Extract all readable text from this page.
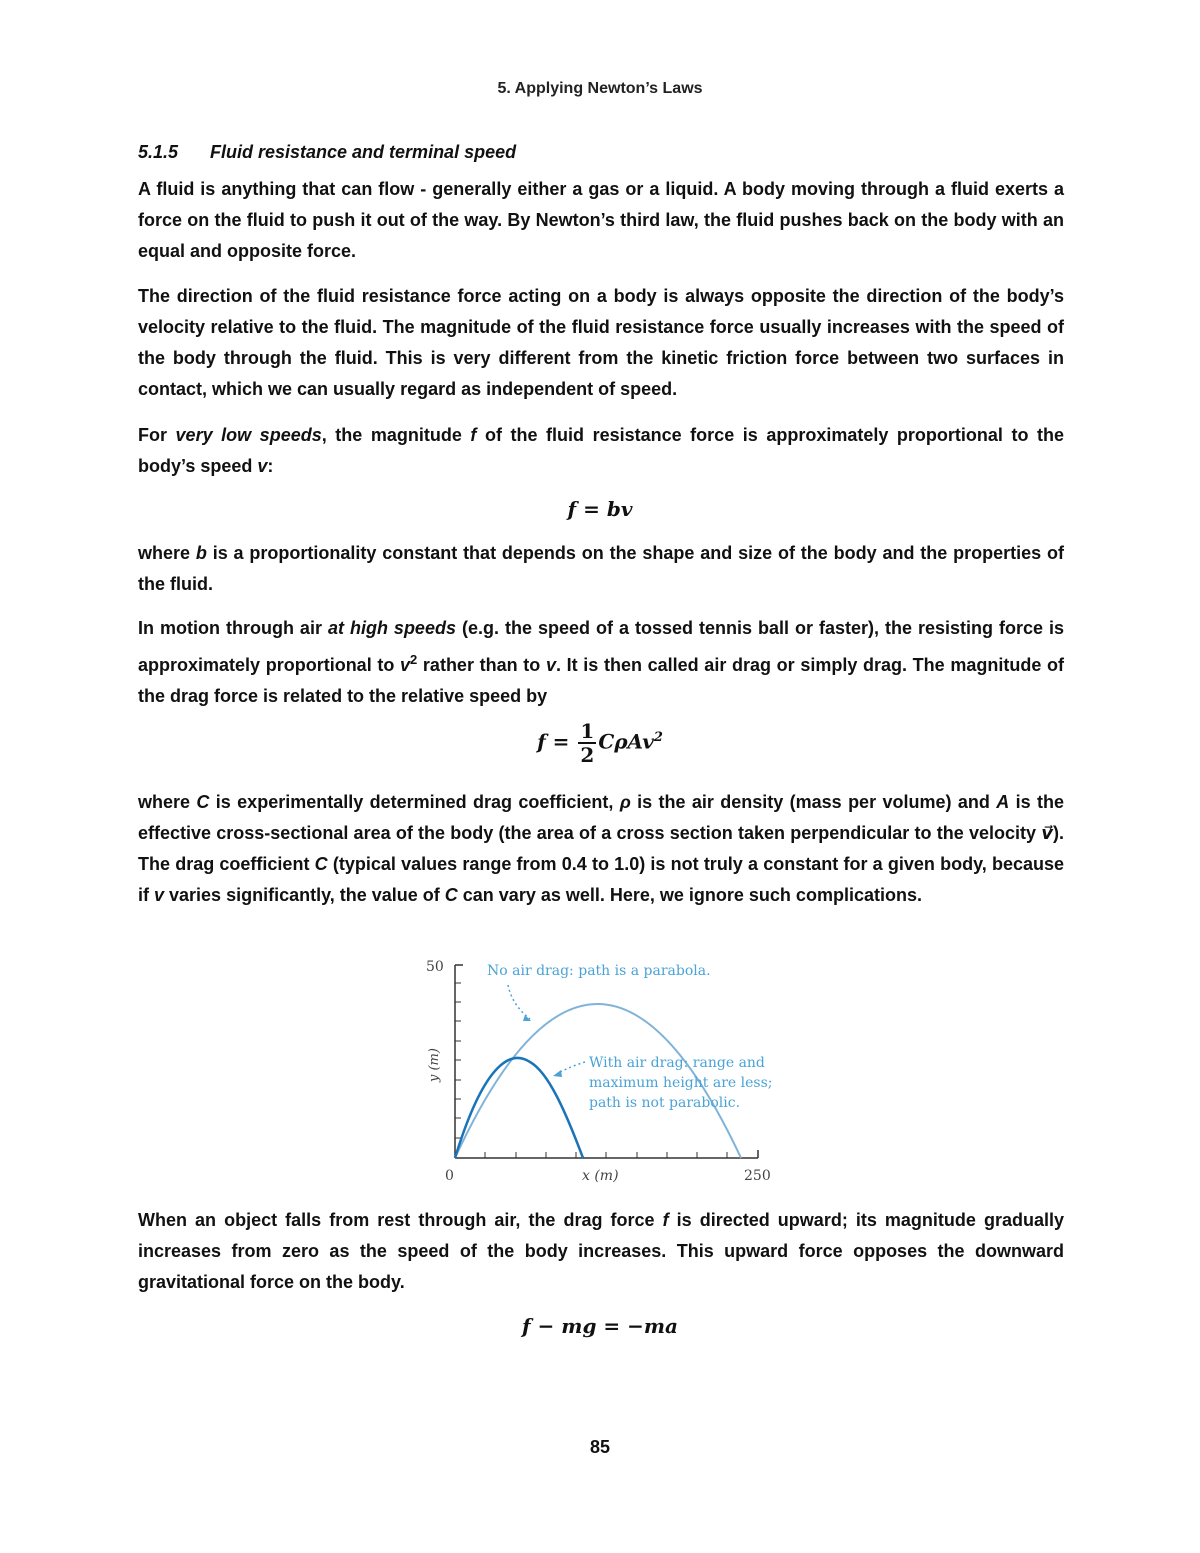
5. Applying Newton’s Laws
5.1.5 Fluid resistance and terminal speed

A fluid is anything that can flow - generally either a gas or a liquid. A body moving through a fluid exerts a force on the fluid to push it out of the way. By Newton’s third law, the fluid pushes back on the body with an equal and opposite force.

The direction of the fluid resistance force acting on a body is always opposite the direction of the body’s velocity relative to the fluid. The magnitude of the fluid resistance force usually increases with the speed of the body through the fluid. This is very different from the kinetic friction force between two surfaces in contact, which we can usually regard as independent of speed.

For very low speeds, the magnitude f of the fluid resistance force is approximately proportional to the body’s speed v:

f = bv

where b is a proportionality constant that depends on the shape and size of the body and the properties of the fluid.

In motion through air at high speeds (e.g. the speed of a tossed tennis ball or faster), the resisting force is approximately proportional to $v^2$ rather than to v. It is then called air drag or simply drag. The magnitude of the drag force is related to the relative speed by

$f = \frac{1}{2} C\rho Av^2$

where C is experimentally determined drag coefficient, ρ is the air density (mass per volume) and A is the effective cross-sectional area of the body (the area of a cross section taken perpendicular to the velocity v⃗). The drag coefficient C (typical values range from 0.4 to 1.0) is not truly a constant for a given body, because if v varies significantly, the value of C can vary as well. Here, we ignore such complications.

50
0	250
x (m)
y (m)
No air drag: path is a parabola.
With air drag: range and
maximum height are less;
path is not parabolic.

When an object falls from rest through air, the drag force f is directed upward; its magnitude gradually increases from zero as the speed of the body increases. This upward force opposes the downward gravitational force on the body.

f − mg = −ma
85
